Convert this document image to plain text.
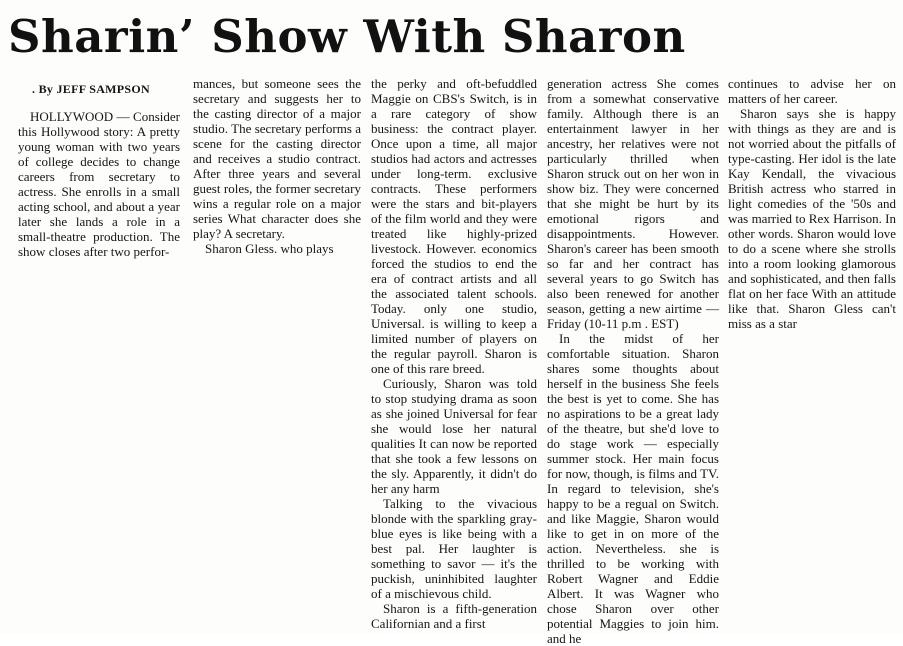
Sharin’ Show With Sharon
. By JEFF SAMPSON

HOLLYWOOD — Consider this Hollywood story: A pretty young woman with two years of college decides to change careers from secretary to actress. She enrolls in a small acting school, and about a year later she lands a role in a small-theatre production. The show closes after two perfor-

mances, but someone sees the secretary and suggests her to the casting director of a major studio. The secretary performs a scene for the casting director and receives a studio contract. After three years and several guest roles, the former secretary wins a regular role on a major series What character does she play? A secretary.

Sharon Gless. who plays

the perky and oft-befuddled Maggie on CBS's Switch, is in a rare category of show business: the contract player. Once upon a time, all major studios had actors and actresses under long-term. exclusive contracts. These performers were the stars and bit-players of the film world and they were treated like highly-prized livestock. However. economics forced the studios to end the era of contract artists and all the associated talent schools. Today. only one studio, Universal. is willing to keep a limited number of players on the regular payroll. Sharon is one of this rare breed.

Curiously, Sharon was told to stop studying drama as soon as she joined Universal for fear she would lose her natural qualities It can now be reported that she took a few lessons on the sly. Apparently, it didn't do her any harm

Talking to the vivacious blonde with the sparkling gray-blue eyes is like being with a best pal. Her laughter is something to savor — it's the puckish, uninhibited laughter of a mischievous child.

Sharon is a fifth-generation Californian and a first

generation actress She comes from a somewhat conservative family. Although there is an entertainment lawyer in her ancestry, her relatives were not particularly thrilled when Sharon struck out on her won in show biz. They were concerned that she might be hurt by its emotional rigors and disappointments. However. Sharon's career has been smooth so far and her contract has several years to go Switch has also been renewed for another season, getting a new airtime — Friday (10-11 p.m . EST)

In the midst of her comfortable situation. Sharon shares some thoughts about herself in the business She feels the best is yet to come. She has no aspirations to be a great lady of the theatre, but she'd love to do stage work — especially summer stock. Her main focus for now, though, is films and TV. In regard to television, she's happy to be a regual on Switch. and like Maggie, Sharon would like to get in on more of the action. Nevertheless. she is thrilled to be working with Robert Wagner and Eddie Albert. It was Wagner who chose Sharon over other potential Maggies to join him. and he

continues to advise her on matters of her career.

Sharon says she is happy with things as they are and is not worried about the pitfalls of type-casting. Her idol is the late Kay Kendall, the vivacious British actress who starred in light comedies of the '50s and was married to Rex Harrison. In other words. Sharon would love to do a scene where she strolls into a room looking glamorous and sophisticated, and then falls flat on her face With an attitude like that. Sharon Gless can't miss as a star
